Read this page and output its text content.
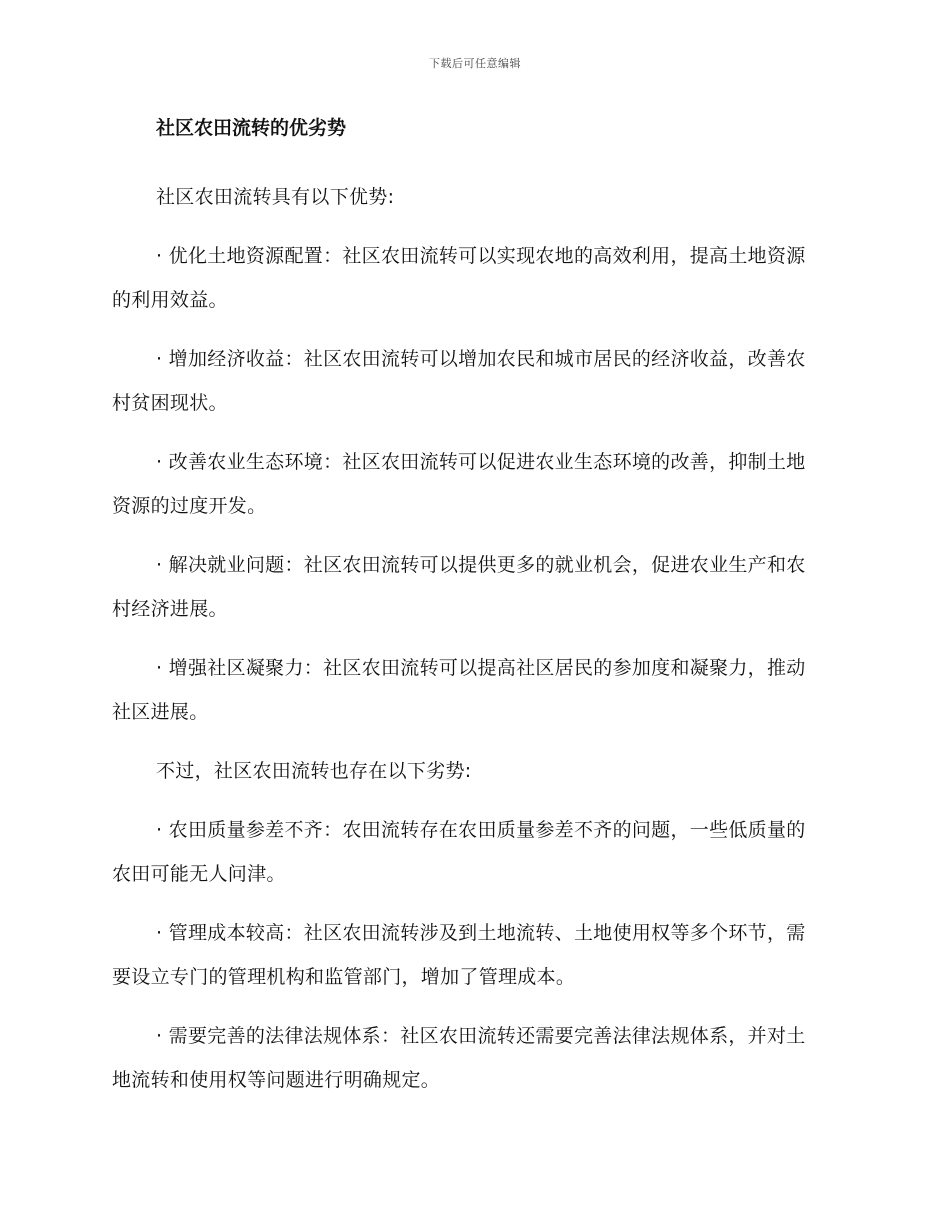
下载后可任意编辑
社区农田流转的优劣势

社区农田流转具有以下优势:

· 优化土地资源配置：社区农田流转可以实现农地的高效利用，提高土地资源的利用效益。

· 增加经济收益：社区农田流转可以增加农民和城市居民的经济收益，改善农村贫困现状。

· 改善农业生态环境：社区农田流转可以促进农业生态环境的改善，抑制土地资源的过度开发。

· 解决就业问题：社区农田流转可以提供更多的就业机会，促进农业生产和农村经济进展。

· 增强社区凝聚力：社区农田流转可以提高社区居民的参加度和凝聚力，推动社区进展。

不过，社区农田流转也存在以下劣势:

· 农田质量参差不齐：农田流转存在农田质量参差不齐的问题，一些低质量的农田可能无人问津。

· 管理成本较高：社区农田流转涉及到土地流转、土地使用权等多个环节，需要设立专门的管理机构和监管部门，增加了管理成本。

· 需要完善的法律法规体系：社区农田流转还需要完善法律法规体系，并对土地流转和使用权等问题进行明确规定。
